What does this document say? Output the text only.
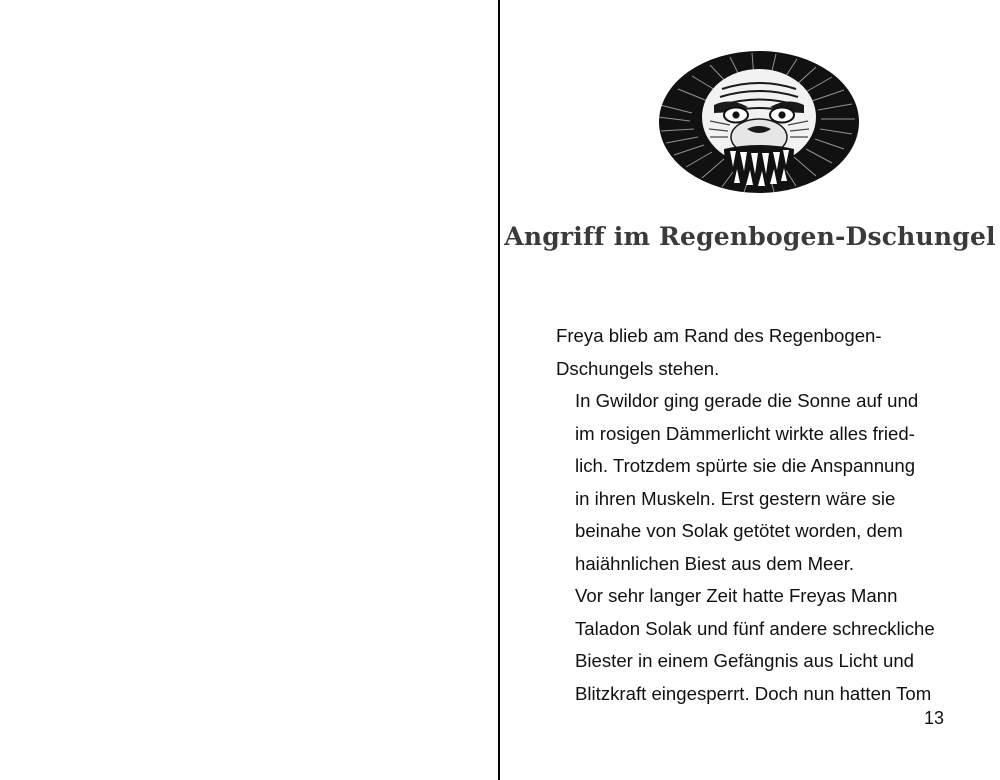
Angriff im Regenbogen-Dschungel

Freya blieb am Rand des Regenbogen-
Dschungels stehen.

In Gwildor ging gerade die Sonne auf und
im rosigen Dämmerlicht wirkte alles fried-
lich. Trotzdem spürte sie die Anspannung
in ihren Muskeln. Erst gestern wäre sie
beinahe von Solak getötet worden, dem
haiähnlichen Biest aus dem Meer.

Vor sehr langer Zeit hatte Freyas Mann
Taladon Solak und fünf andere schreckliche
Biester in einem Gefängnis aus Licht und
Blitzkraft eingesperrt. Doch nun hatten Tom

13
